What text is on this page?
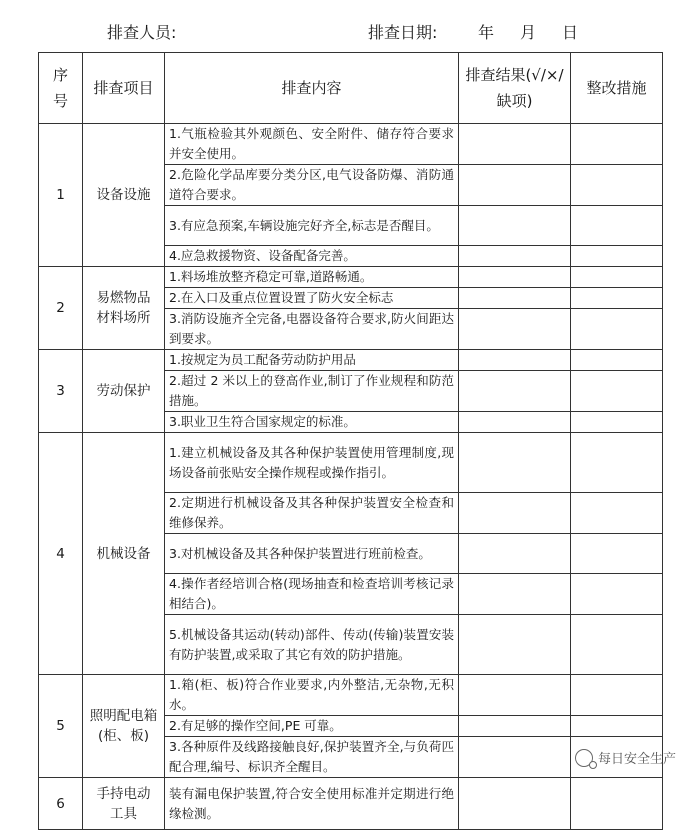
排查人员:	排查日期:	年 月 日
序号	排查项目	排查内容	排查结果(√/×/缺项)	整改措施
1	设备设施	1.气瓶检验其外观颜色、安全附件、储存符合要求并安全使用。		
		2.危险化学品库要分类分区,电气设备防爆、消防通道符合要求。		
		3.有应急预案,车辆设施完好齐全,标志是否醒目。		
		4.应急救援物资、设备配备完善。		
2	易燃物品材料场所	1.料场堆放整齐稳定可靠,道路畅通。		
		2.在入口及重点位置设置了防火安全标志		
		3.消防设施齐全完备,电器设备符合要求,防火间距达到要求。		
3	劳动保护	1.按规定为员工配备劳动防护用品		
		2.超过 2 米以上的登高作业,制订了作业规程和防范措施。		
		3.职业卫生符合国家规定的标准。		
4	机械设备	1.建立机械设备及其各种保护装置使用管理制度,现场设备前张贴安全操作规程或操作指引。		
		2.定期进行机械设备及其各种保护装置安全检查和维修保养。		
		3.对机械设备及其各种保护装置进行班前检查。		
		4.操作者经培训合格(现场抽查和检查培训考核记录相结合)。		
		5.机械设备其运动(转动)部件、传动(传输)装置安装有防护装置,或采取了其它有效的防护措施。		
5	照明配电箱(柜、板)	1.箱(柜、板)符合作业要求,内外整洁,无杂物,无积水。		
		2.有足够的操作空间,PE 可靠。		
		3.各种原件及线路接触良好,保护装置齐全,与负荷匹配合理,编号、标识齐全醒目。		
6	手持电动工具	装有漏电保护装置,符合安全使用标准并定期进行绝缘检测。		
每日安全生产
